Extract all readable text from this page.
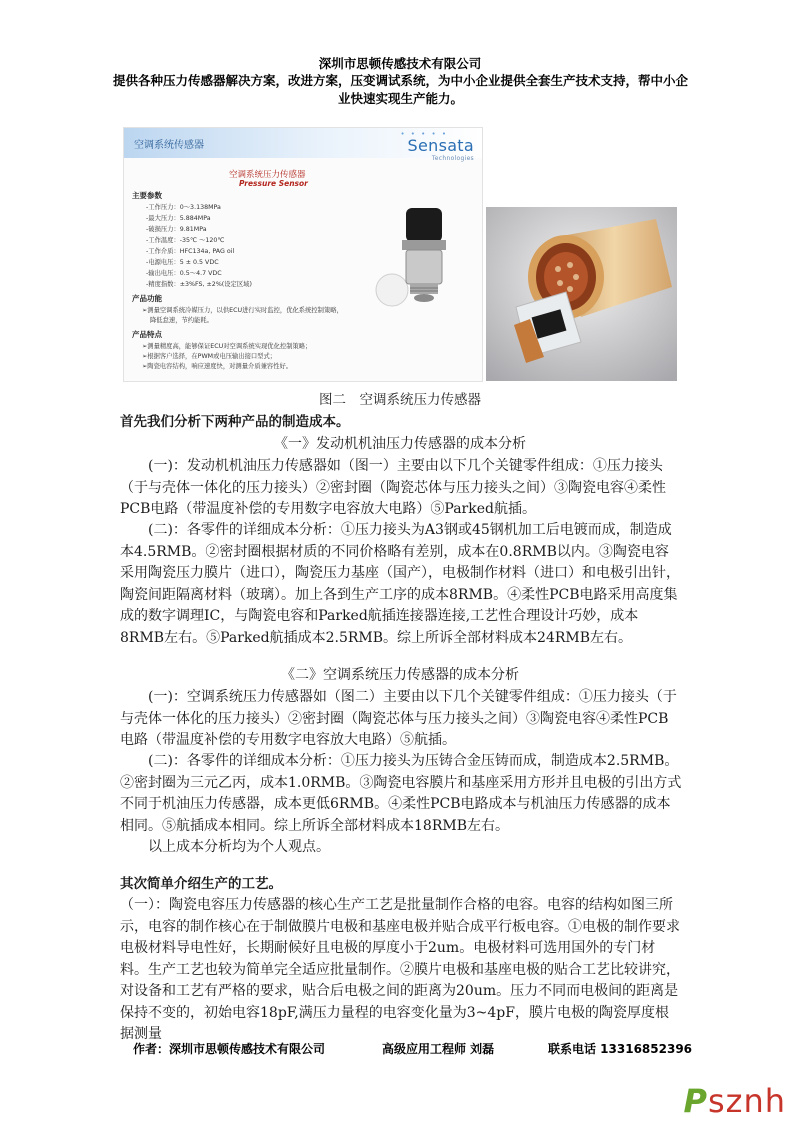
深圳市思顿传感技术有限公司
提供各种压力传感器解决方案，改进方案，压变调试系统，为中小企业提供全套生产技术支持，帮中小企业快速实现生产能力。
空调系统传感器
• • • • •
Sensata
Technologies
空调系统压力传感器
Pressure Sensor
主要参数
-工作压力：0～3.138MPa
-最大压力：5.884MPa
-破损压力：9.81MPa
-工作温度：-35℃ ～120℃
-工作介质：HFC134a, PAG oil
-电源电压：5 ± 0.5 VDC
-输出电压：0.5～4.7 VDC
-精度指数：±3%FS, ±2%(设定区域)
产品功能
➢测量空调系统冷媒压力，以供ECU进行实时监控，优化系统控制策略，
降低怠速，节约能耗。
产品特点
➢测量精度高，能够保证ECU对空调系统实现优化控制策略；
➢根据客户选择，在PWM或电压输出接口型式；
➢陶瓷电容结构，响应速度快，对测量介质兼容性好。
图二　空调系统压力传感器
首先我们分析下两种产品的制造成本。
《一》发动机机油压力传感器的成本分析
(一)：发动机机油压力传感器如（图一）主要由以下几个关键零件组成：①压力接头（于与壳体一体化的压力接头）②密封圈（陶瓷芯体与压力接头之间）③陶瓷电容④柔性PCB电路（带温度补偿的专用数字电容放大电路）⑤Parked航插。
(二)：各零件的详细成本分析：①压力接头为A3钢或45钢机加工后电镀而成，制造成本4.5RMB。②密封圈根据材质的不同价格略有差别，成本在0.8RMB以内。③陶瓷电容采用陶瓷压力膜片（进口），陶瓷压力基座（国产），电极制作材料（进口）和电极引出针，陶瓷间距隔离材料（玻璃）。加上各到生产工序的成本8RMB。④柔性PCB电路采用高度集成的数字调理IC，与陶瓷电容和Parked航插连接器连接,工艺性合理设计巧妙，成本8RMB左右。⑤Parked航插成本2.5RMB。综上所诉全部材料成本24RMB左右。
《二》空调系统压力传感器的成本分析
(一)：空调系统压力传感器如（图二）主要由以下几个关键零件组成：①压力接头（于与壳体一体化的压力接头）②密封圈（陶瓷芯体与压力接头之间）③陶瓷电容④柔性PCB电路（带温度补偿的专用数字电容放大电路）⑤航插。
(二)：各零件的详细成本分析：①压力接头为压铸合金压铸而成，制造成本2.5RMB。②密封圈为三元乙丙，成本1.0RMB。③陶瓷电容膜片和基座采用方形并且电极的引出方式不同于机油压力传感器，成本更低6RMB。④柔性PCB电路成本与机油压力传感器的成本相同。⑤航插成本相同。综上所诉全部材料成本18RMB左右。
以上成本分析均为个人观点。
其次简单介绍生产的工艺。
（一）：陶瓷电容压力传感器的核心生产工艺是批量制作合格的电容。电容的结构如图三所示，电容的制作核心在于制做膜片电极和基座电极并贴合成平行板电容。①电极的制作要求电极材料导电性好，长期耐候好且电极的厚度小于2um。电极材料可选用国外的专门材料。生产工艺也较为简单完全适应批量制作。②膜片电极和基座电极的贴合工艺比较讲究，对设备和工艺有严格的要求，贴合后电极之间的距离为20um。压力不同而电极间的距离是保持不变的，初始电容18pF,满压力量程的电容变化量为3~4pF，膜片电极的陶瓷厚度根据测量
作者：深圳市思顿传感技术有限公司	高级应用工程师 刘磊	联系电话 13316852396
Psznh
